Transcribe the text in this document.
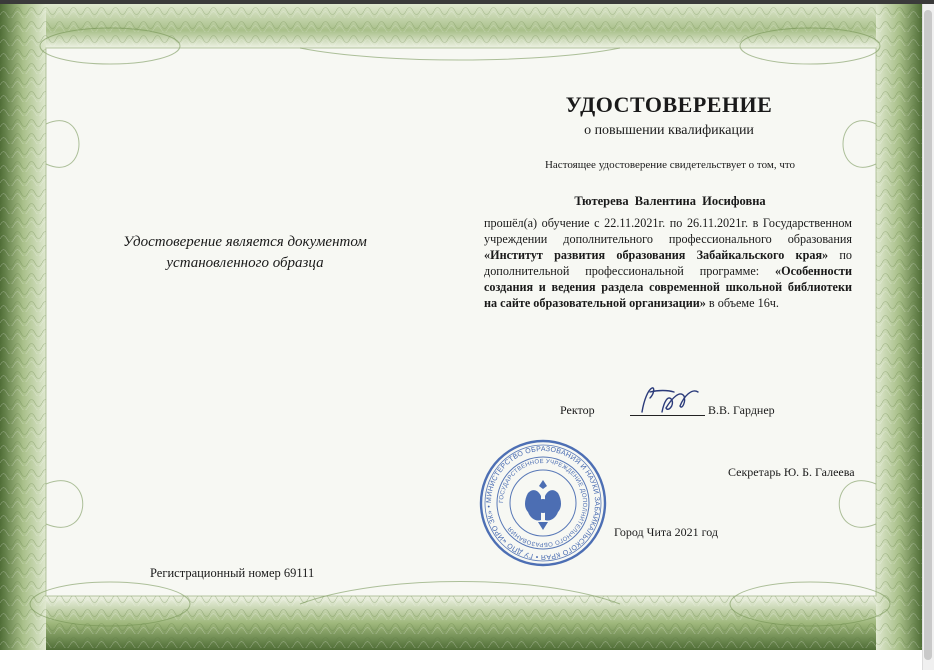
УДОСТОВЕРЕНИЕ
о повышении квалификации
Настоящее удостоверение свидетельствует о том, что
Тютерева Валентина Иосифовна
прошёл(а) обучение с 22.11.2021г. по 26.11.2021г. в Государственном учреждении дополнительного профессионального образования «Институт развития образования Забайкальского края» по дополнительной профессиональной программе: «Особенности создания и ведения раздела современной школьной библиотеки на сайте образовательной организации» в объеме 16ч.
Удостоверение является документом
установленного образца
Регистрационный номер 69111
Ректор	В.В. Гарднер
МИНИСТЕРСТВО ОБРАЗОВАНИЯ И НАУКИ ЗАБАЙКАЛЬСКОГО КРАЯ • ГУ ДПО «ИРО ЗК» •
ГОСУДАРСТВЕННОЕ УЧРЕЖДЕНИЕ ДОПОЛНИТЕЛЬНОГО ОБРАЗОВАНИЯ
Секретарь Ю. Б. Галеева
Город Чита 2021 год
